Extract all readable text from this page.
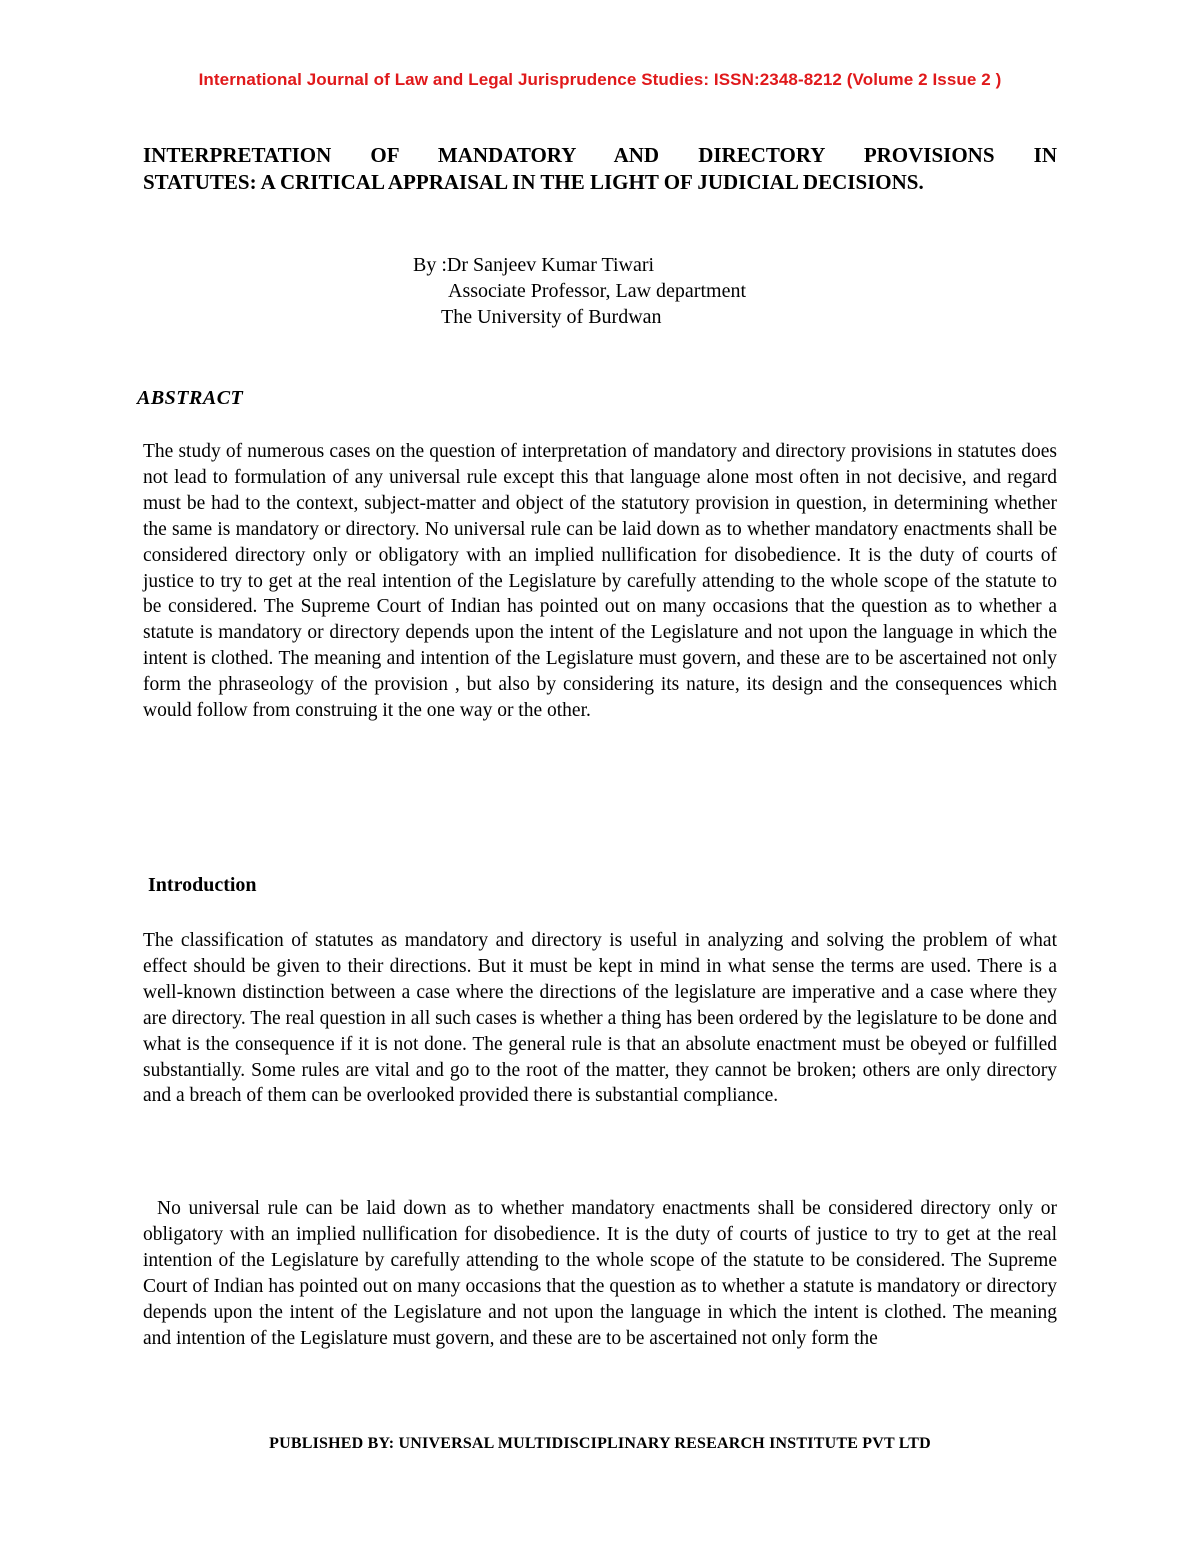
International Journal of Law and Legal Jurisprudence Studies: ISSN:2348-8212 (Volume 2 Issue 2 )
INTERPRETATION OF MANDATORY AND DIRECTORY PROVISIONS IN
STATUTES: A CRITICAL APPRAISAL IN THE LIGHT OF JUDICIAL DECISIONS.
By :Dr Sanjeev Kumar Tiwari
Associate Professor, Law department
The University of Burdwan
ABSTRACT
The study of numerous cases on the question of interpretation of mandatory and directory provisions in statutes does not lead to formulation of any universal rule except this that language alone most often in not decisive, and regard must be had to the context, subject-matter and object of the statutory provision in question, in determining whether the same is mandatory or directory. No universal rule can be laid down as to whether mandatory enactments shall be considered directory only or obligatory with an implied nullification for disobedience. It is the duty of courts of justice to try to get at the real intention of the Legislature by carefully attending to the whole scope of the statute to be considered. The Supreme Court of Indian has pointed out on many occasions that the question as to whether a statute is mandatory or directory depends upon the intent of the Legislature and not upon the language in which the intent is clothed. The meaning and intention of the Legislature must govern, and these are to be ascertained not only form the phraseology of the provision , but also by considering its nature, its design and the consequences which would follow from construing it the one way or the other.
Introduction
The classification of statutes as mandatory and directory is useful in analyzing and solving the problem of what effect should be given to their directions. But it must be kept in mind in what sense the terms are used. There is a well-known distinction between a case where the directions of the legislature are imperative and a case where they are directory. The real question in all such cases is whether a thing has been ordered by the legislature to be done and what is the consequence if it is not done. The general rule is that an absolute enactment must be obeyed or fulfilled substantially. Some rules are vital and go to the root of the matter, they cannot be broken; others are only directory and a breach of them can be overlooked provided there is substantial compliance.
No universal rule can be laid down as to whether mandatory enactments shall be considered directory only or obligatory with an implied nullification for disobedience. It is the duty of courts of justice to try to get at the real intention of the Legislature by carefully attending to the whole scope of the statute to be considered. The Supreme Court of Indian has pointed out on many occasions that the question as to whether a statute is mandatory or directory depends upon the intent of the Legislature and not upon the language in which the intent is clothed. The meaning and intention of the Legislature must govern, and these are to be ascertained not only form the
PUBLISHED BY: UNIVERSAL MULTIDISCIPLINARY RESEARCH INSTITUTE PVT LTD
